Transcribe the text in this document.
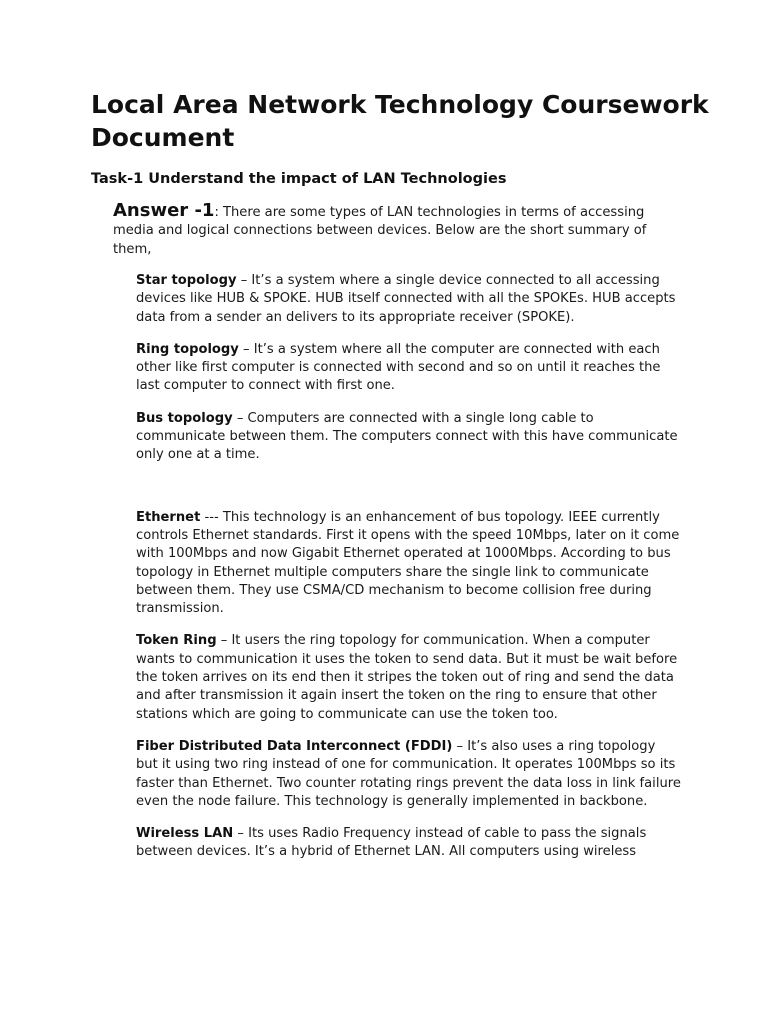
Local Area Network Technology Coursework Document
Task-1 Understand the impact of LAN Technologies

Answer -1: There are some types of LAN technologies in terms of accessing media and logical connections between devices. Below are the short summary of them,

Star topology – It’s a system where a single device connected to all accessing devices like HUB & SPOKE. HUB itself connected with all the SPOKEs. HUB accepts data from a sender an delivers to its appropriate receiver (SPOKE).

Ring topology – It’s a system where all the computer are connected with each other like first computer is connected with second and so on until it reaches the last computer to connect with first one.

Bus topology – Computers are connected with a single long cable to communicate between them. The computers connect with this have communicate only one at a time.

Ethernet --- This technology is an enhancement of bus topology. IEEE currently controls Ethernet standards. First it opens with the speed 10Mbps, later on it come with 100Mbps and now Gigabit Ethernet operated at 1000Mbps. According to bus topology in Ethernet multiple computers share the single link to communicate between them. They use CSMA/CD mechanism to become collision free during transmission.

Token Ring – It users the ring topology for communication. When a computer wants to communication it uses the token to send data. But it must be wait before the token arrives on its end then it stripes the token out of ring and send the data and after transmission it again insert the token on the ring to ensure that other stations which are going to communicate can use the token too.

Fiber Distributed Data Interconnect (FDDI) – It’s also uses a ring topology but it using two ring instead of one for communication. It operates 100Mbps so its faster than Ethernet. Two counter rotating rings prevent the data loss in link failure even the node failure. This technology is generally implemented in backbone.

Wireless LAN – Its uses Radio Frequency instead of cable to pass the signals between devices. It’s a hybrid of Ethernet LAN. All computers using wireless
